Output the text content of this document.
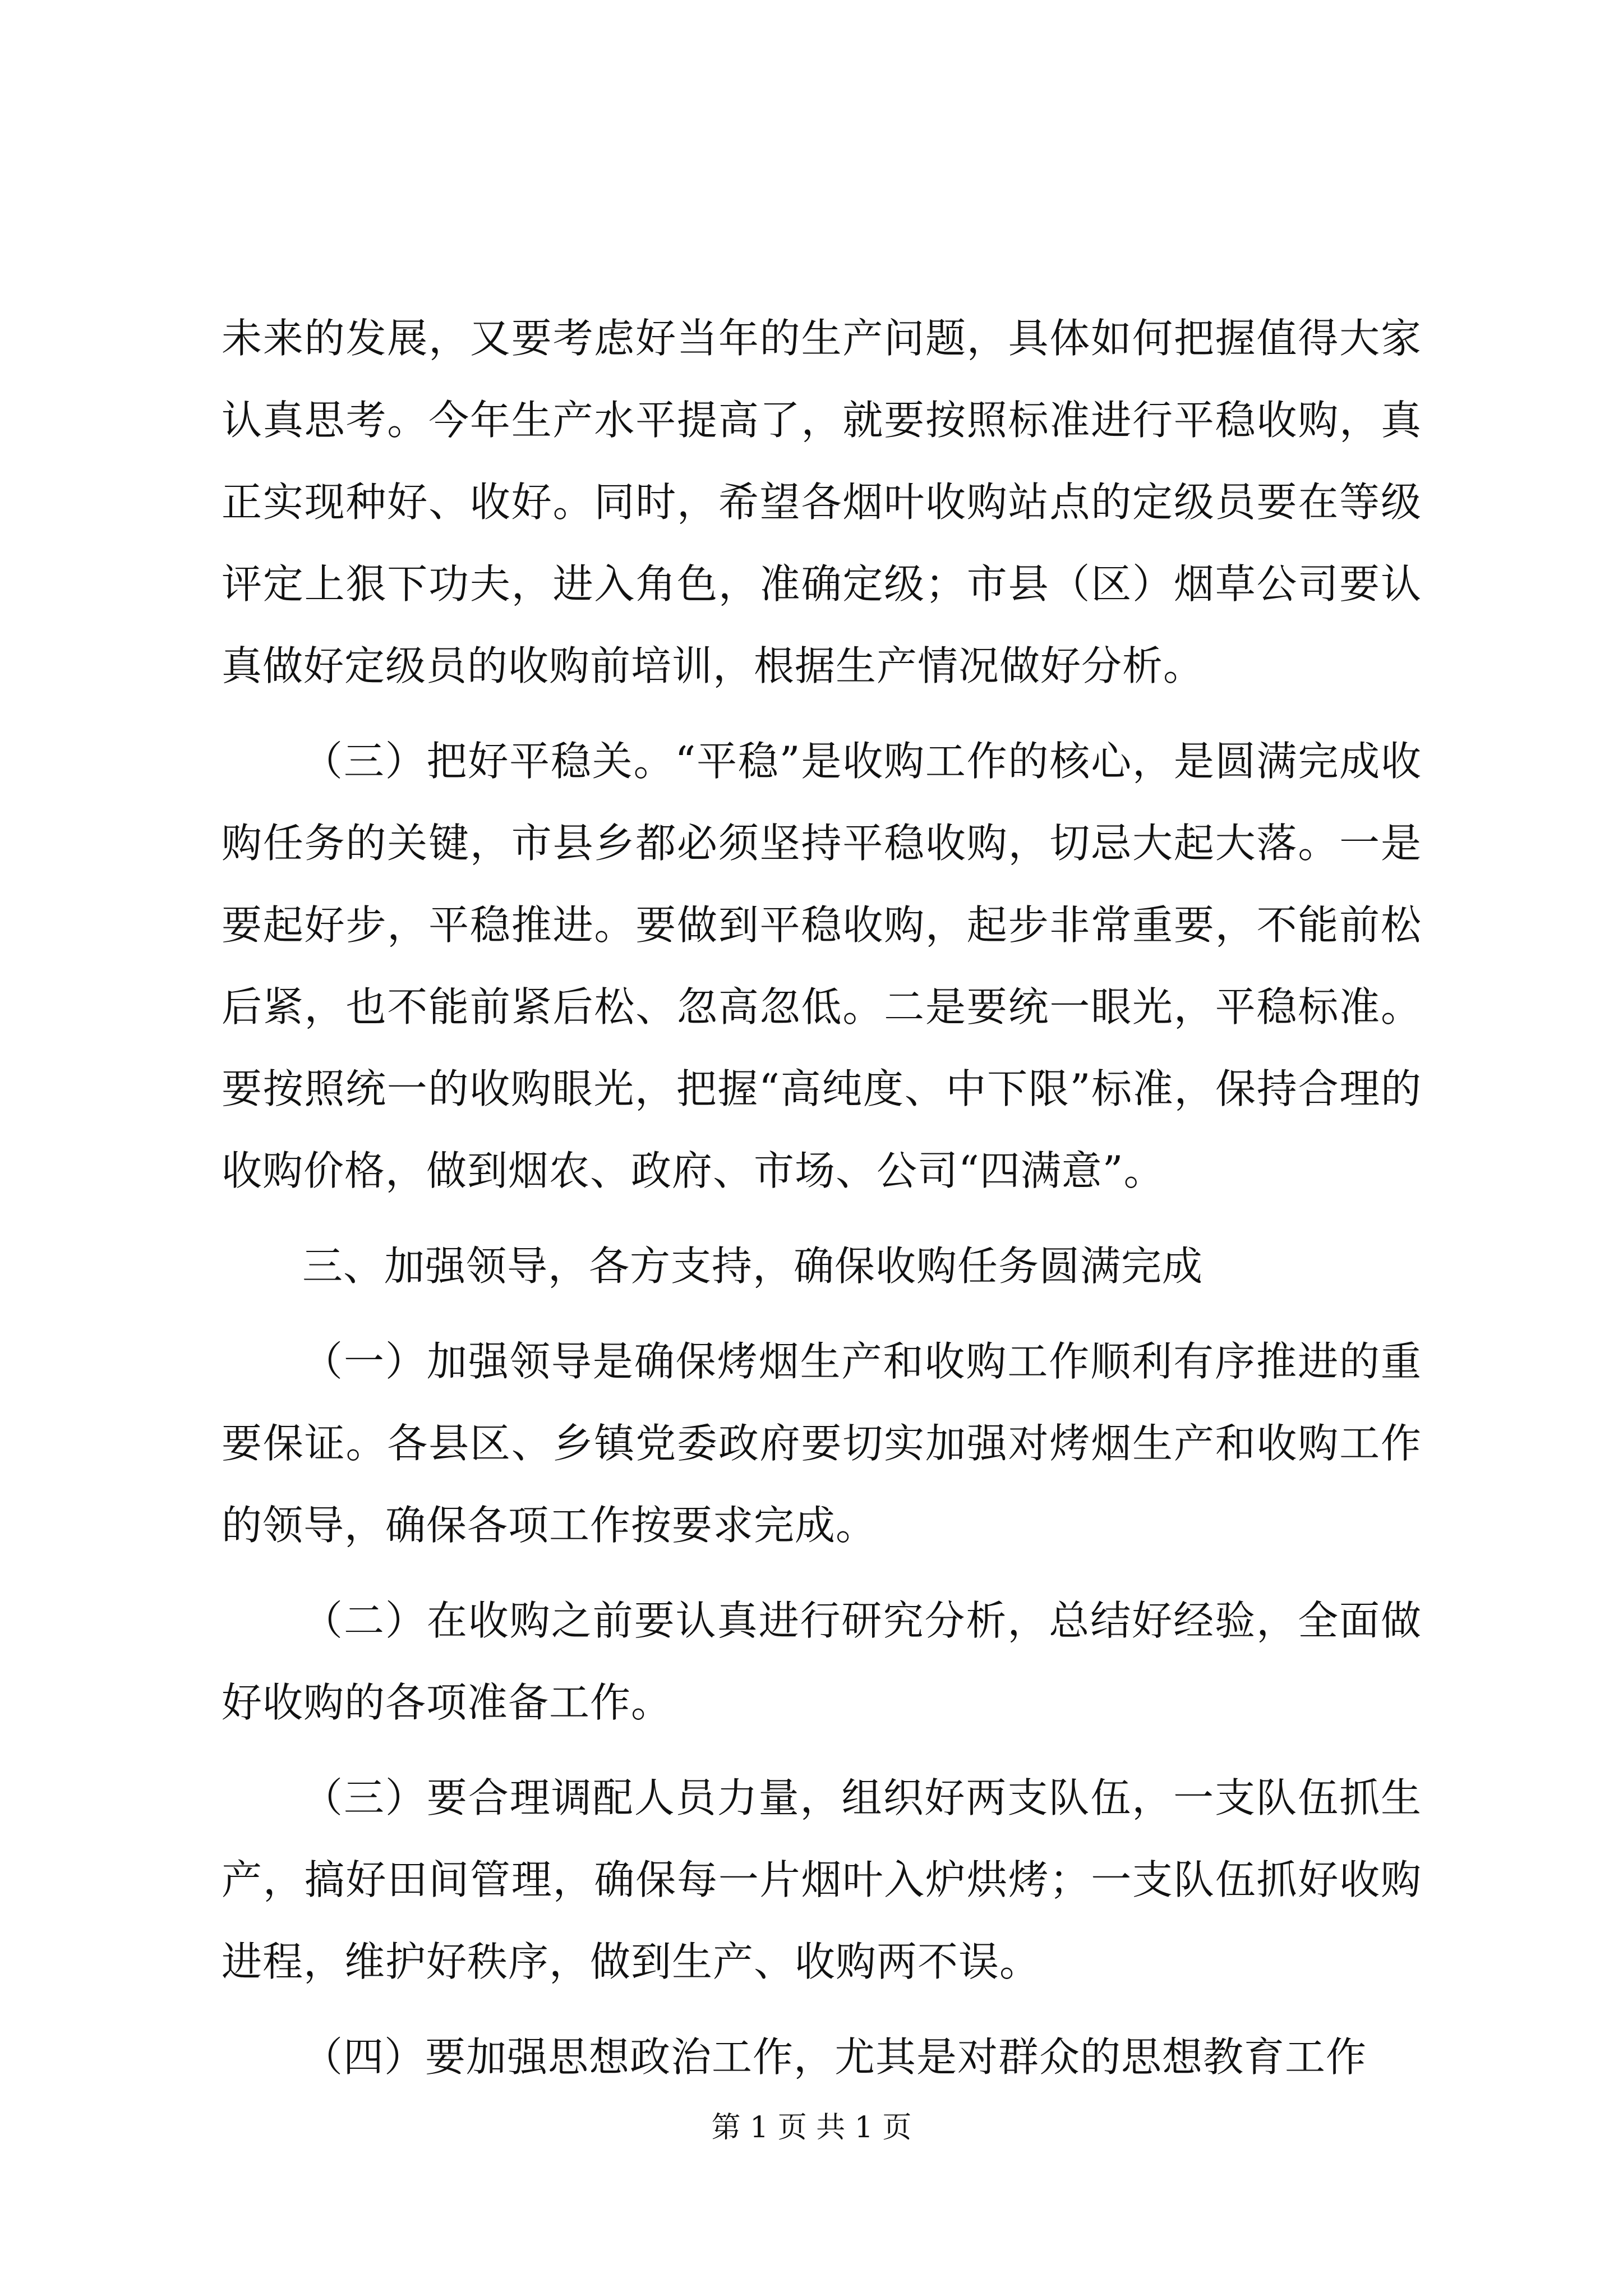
未来的发展，又要考虑好当年的生产问题，具体如何把握值得大家认真思考。今年生产水平提高了，就要按照标准进行平稳收购，真正实现种好、收好。同时，希望各烟叶收购站点的定级员要在等级评定上狠下功夫，进入角色，准确定级；市县（区）烟草公司要认真做好定级员的收购前培训，根据生产情况做好分析。

（三）把好平稳关。“平稳”是收购工作的核心，是圆满完成收购任务的关键，市县乡都必须坚持平稳收购，切忌大起大落。一是要起好步，平稳推进。要做到平稳收购，起步非常重要，不能前松后紧，也不能前紧后松、忽高忽低。二是要统一眼光，平稳标准。要按照统一的收购眼光，把握“高纯度、中下限”标准，保持合理的收购价格，做到烟农、政府、市场、公司“四满意”。

三、加强领导，各方支持，确保收购任务圆满完成

（一）加强领导是确保烤烟生产和收购工作顺利有序推进的重要保证。各县区、乡镇党委政府要切实加强对烤烟生产和收购工作的领导，确保各项工作按要求完成。

（二）在收购之前要认真进行研究分析，总结好经验，全面做好收购的各项准备工作。

（三）要合理调配人员力量，组织好两支队伍，一支队伍抓生产，搞好田间管理，确保每一片烟叶入炉烘烤；一支队伍抓好收购进程，维护好秩序，做到生产、收购两不误。

（四）要加强思想政治工作，尤其是对群众的思想教育工作

第 1 页 共 1 页
